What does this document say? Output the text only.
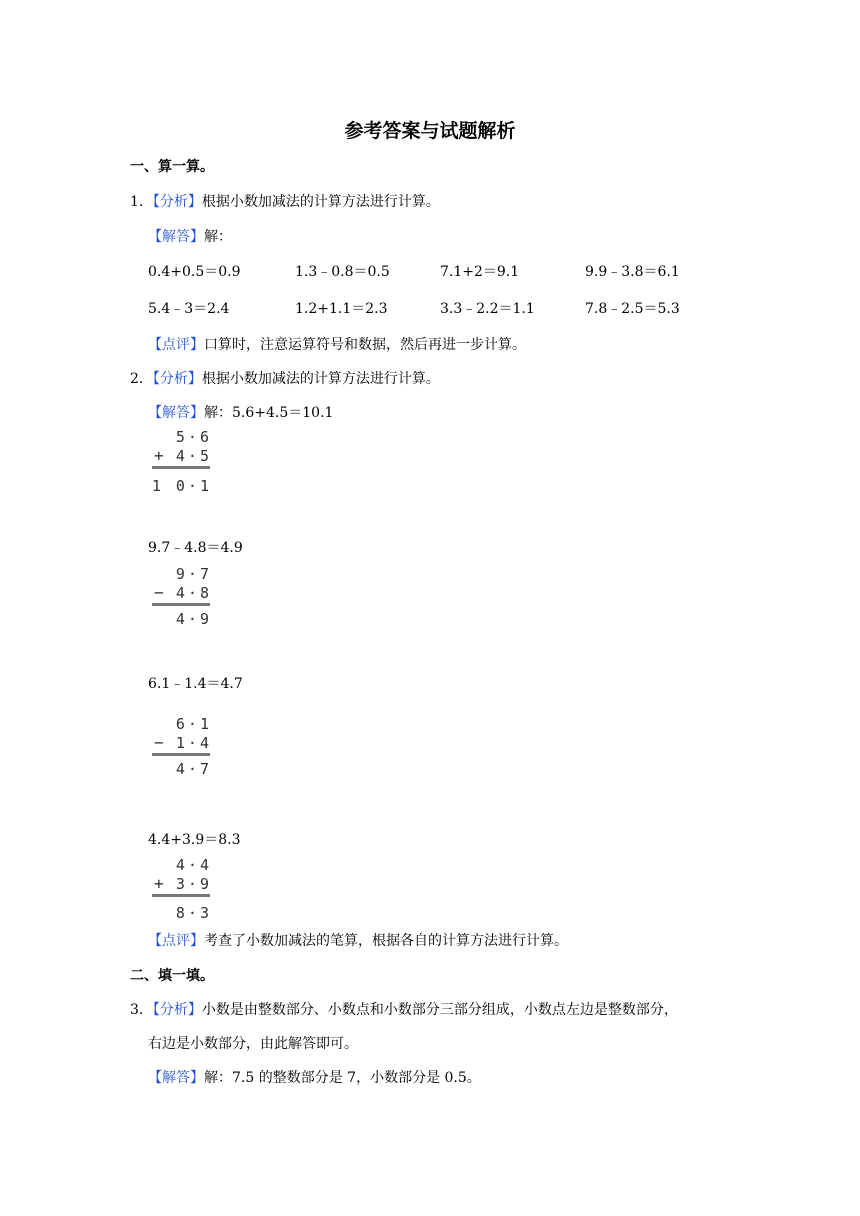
参考答案与试题解析
一、算一算。
1．【分析】根据小数加减法的计算方法进行计算。
【解答】解：
0.4+0.5＝0.9	1.3﹣0.8＝0.5	7.1+2＝9.1	9.9﹣3.8＝6.1
5.4﹣3＝2.4	1.2+1.1＝2.3	3.3﹣2.2＝1.1	7.8﹣2.5＝5.3
【点评】口算时，注意运算符号和数据，然后再进一步计算。
2．【分析】根据小数加减法的计算方法进行计算。
【解答】解：5.6+4.5＝10.1
5·6
+ 4·5
1 0·1
9.7﹣4.8＝4.9
9·7
− 4·8
4·9
6.1﹣1.4＝4.7
6·1
− 1·4
4·7
4.4+3.9＝8.3
4·4
+ 3·9
8·3
【点评】考查了小数加减法的笔算，根据各自的计算方法进行计算。
二、填一填。
3．【分析】小数是由整数部分、小数点和小数部分三部分组成，小数点左边是整数部分，
右边是小数部分，由此解答即可。
【解答】解：7.5 的整数部分是 7，小数部分是 0.5。
